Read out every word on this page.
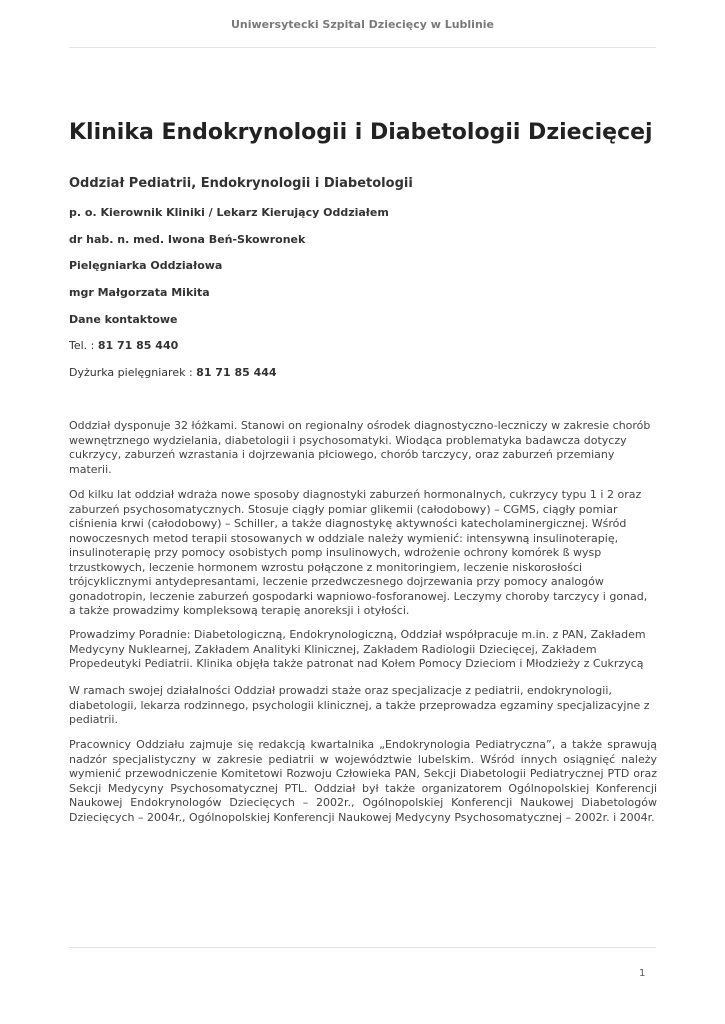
Uniwersytecki Szpital Dziecięcy w Lublinie
Klinika Endokrynologii i Diabetologii Dziecięcej
Oddział Pediatrii, Endokrynologii i Diabetologii

p. o. Kierownik Kliniki / Lekarz Kierujący Oddziałem

dr hab. n. med. Iwona Beń-Skowronek

Pielęgniarka Oddziałowa

mgr Małgorzata Mikita

Dane kontaktowe

Tel. : 81 71 85 440

Dyżurka pielęgniarek : 81 71 85 444

Oddział dysponuje 32 łóżkami. Stanowi on regionalny ośrodek diagnostyczno-leczniczy w zakresie chorób wewnętrznego wydzielania, diabetologii i psychosomatyki. Wiodąca problematyka badawcza dotyczy cukrzycy, zaburzeń wzrastania i dojrzewania płciowego, chorób tarczycy, oraz zaburzeń przemiany materii.

Od kilku lat oddział wdraża nowe sposoby diagnostyki zaburzeń hormonalnych, cukrzycy typu 1 i 2 oraz zaburzeń psychosomatycznych. Stosuje ciągły pomiar glikemii (całodobowy) – CGMS, ciągły pomiar ciśnienia krwi (całodobowy) – Schiller, a także diagnostykę aktywności katecholaminergicznej. Wśród nowoczesnych metod terapii stosowanych w oddziale należy wymienić: intensywną insulinoterapię, insulinoterapię przy pomocy osobistych pomp insulinowych, wdrożenie ochrony komórek ß wysp trzustkowych, leczenie hormonem wzrostu połączone z monitoringiem, leczenie niskorosłości trójcyklicznymi antydepresantami, leczenie przedwczesnego dojrzewania przy pomocy analogów gonadotropin, leczenie zaburzeń gospodarki wapniowo-fosforanowej. Leczymy choroby tarczycy i gonad, a także prowadzimy kompleksową terapię anoreksji i otyłości.

Prowadzimy Poradnie: Diabetologiczną, Endokrynologiczną, Oddział współpracuje m.in. z PAN, Zakładem Medycyny Nuklearnej, Zakładem Analityki Klinicznej, Zakładem Radiologii Dziecięcej, Zakładem Propedeutyki Pediatrii. Klinika objęła także patronat nad Kołem Pomocy Dzieciom i Młodzieży z Cukrzycą

W ramach swojej działalności Oddział prowadzi staże oraz specjalizacje z pediatrii, endokrynologii, diabetologii, lekarza rodzinnego, psychologii klinicznej, a także przeprowadza egzaminy specjalizacyjne z pediatrii.

Pracownicy Oddziału zajmuje się redakcją kwartalnika „Endokrynologia Pediatryczna”, a także sprawują nadzór specjalistyczny w zakresie pediatrii w województwie lubelskim. Wśród innych osiągnięć należy wymienić przewodniczenie Komitetowi Rozwoju Człowieka PAN, Sekcji Diabetologii Pediatrycznej PTD oraz Sekcji Medycyny Psychosomatycznej PTL. Oddział był także organizatorem Ogólnopolskiej Konferencji Naukowej Endokrynologów Dziecięcych – 2002r., Ogólnopolskiej Konferencji Naukowej Diabetologów Dziecięcych – 2004r., Ogólnopolskiej Konferencji Naukowej Medycyny Psychosomatycznej – 2002r. i 2004r.

1
